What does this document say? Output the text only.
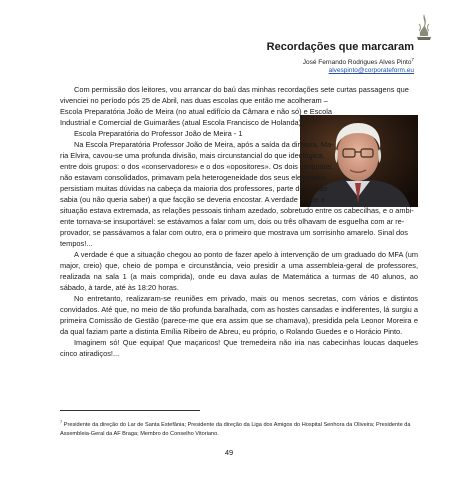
Recordações que marcaram
José Fernando Rodrigues Alves Pinto$^7$
alvespinto@corporateform.eu

Com permissão dos leitores, vou arrancar do baú das minhas recordações sete curtas passagens que

vivenciei no período pós 25 de Abril, nas duas escolas que então me acolheram –

Escola Preparatória João de Meira (no atual edifício da Câmara e não só) e Escola

Industrial e Comercial de Guimarães (atual Escola Francisco de Holanda).

Escola Preparatória do Professor João de Meira - 1

Na Escola Preparatória Professor João de Meira, após a saída da diretora, Ma-

ria Elvira, cavou-se uma profunda divisão, mais circunstancial do que ideológica,

entre dois grupos: o dos «conservadores» e o dos «opositores». Os dois conjuntos

não estavam consolidados, primavam pela heterogeneidade dos seus elementos,

persistiam muitas dúvidas na cabeça da maioria dos professores, parte deles não

sabia (ou não queria saber) a que facção se deveria encostar. A verdade é que a

situação estava extremada, as relações pessoais tinham azedado, sobretudo entre os cabecilhas, e o ambi-

ente tornava-se insuportável: se estávamos a falar com um, dois ou três olhavam de esguelha com ar re-

provador, se passávamos a falar com outro, era o primeiro que mostrava um sorrisinho amarelo. Sinal dos

tempos!...

A verdade é que a situação chegou ao ponto de fazer apelo à intervenção de um graduado do MFA (um major, creio) que, cheio de pompa e circunstância, veio presidir a uma assembleia-geral de professores, realizada na sala 1 (a mais comprida), onde eu dava aulas de Matemática a turmas de 40 alunos, ao sábado, à tarde, até às 18:20 horas.

No entretanto, realizaram-se reuniões em privado, mais ou menos secretas, com vários e distintos convidados. Até que, no meio de tão profunda baralhada, com as hostes cansadas e indiferentes, lá surgiu a primeira Comissão de Gestão (parece-me que era assim que se chamava), presidida pela Leonor Moreira e da qual faziam parte a distinta Emília Ribeiro de Abreu, eu próprio, o Rolando Guedes e o Horácio Pinto.

Imaginem só! Que equipa! Que maçaricos! Que tremedeira não iria nas cabecinhas loucas daqueles cinco atiradiços!...

$^7$ Presidente da direção do Lar de Santa Estefânia; Presidente da direção da Liga dos Amigos do Hospital Senhora da Oliveira; Presidente da Assembleia-Geral da AF Braga; Membro do Conselho Vitoriano.
49
